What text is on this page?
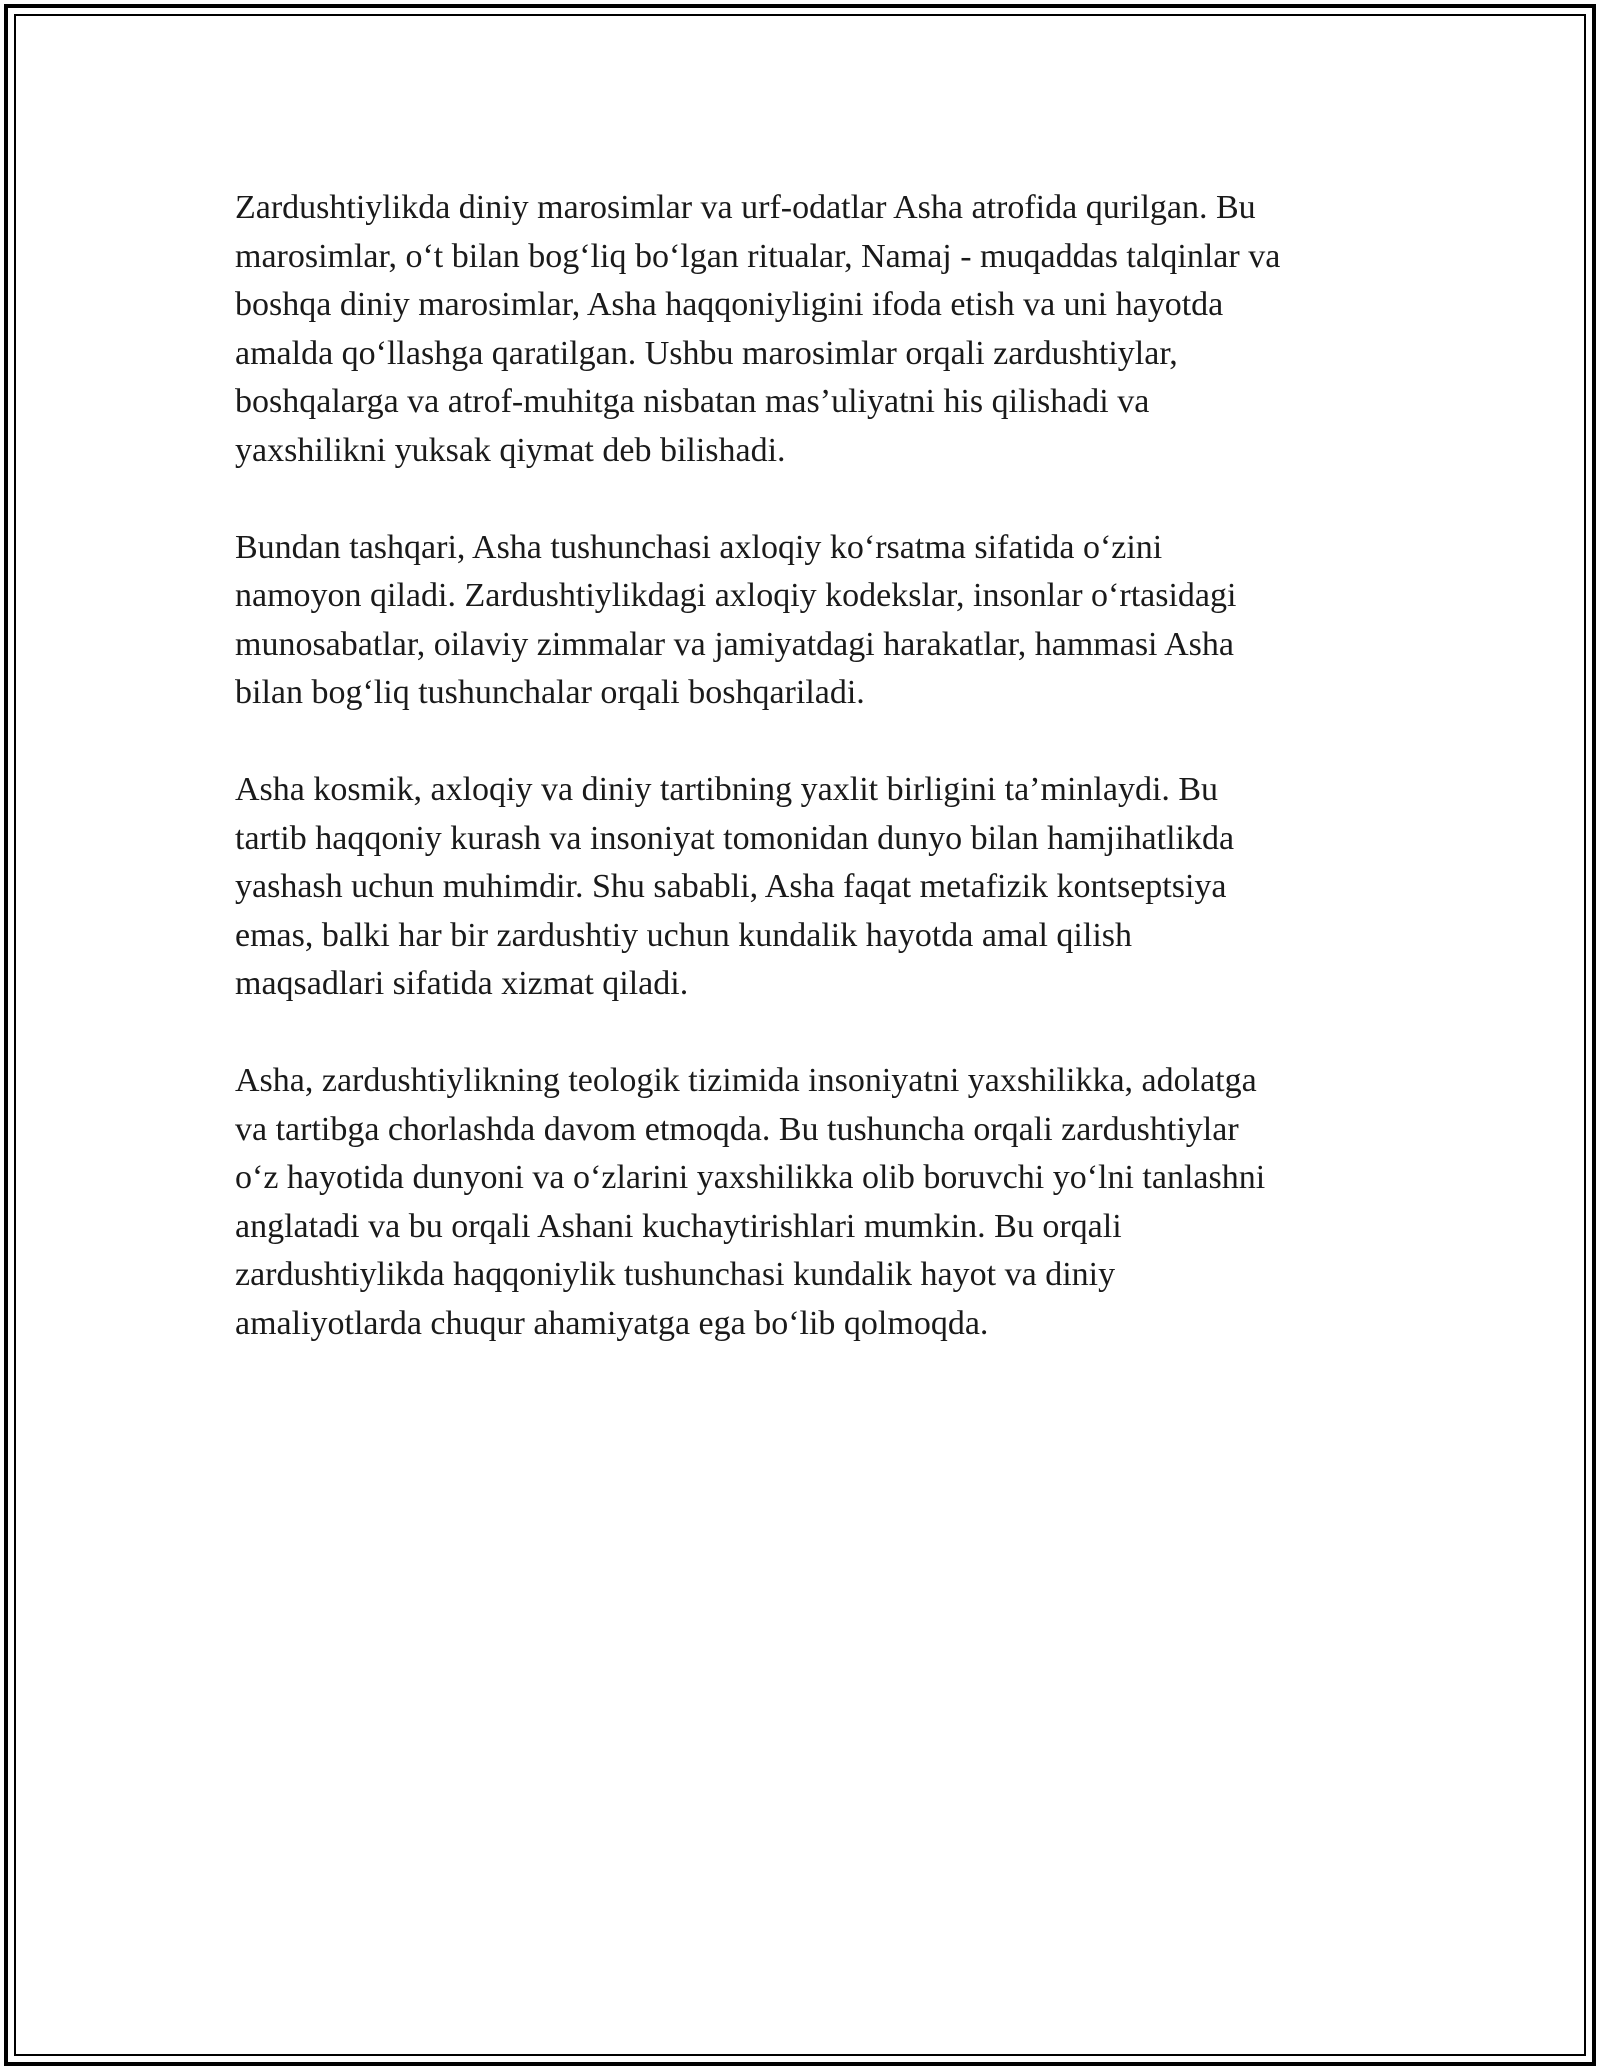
Zardushtiylikda diniy marosimlar va urf-odatlar Asha atrofida qurilgan. Bu
marosimlar, o‘t bilan bog‘liq bo‘lgan ritualar, Namaj - muqaddas talqinlar va
boshqa diniy marosimlar, Asha haqqoniyligini ifoda etish va uni hayotda
amalda qo‘llashga qaratilgan. Ushbu marosimlar orqali zardushtiylar,
boshqalarga va atrof-muhitga nisbatan mas’uliyatni his qilishadi va
yaxshilikni yuksak qiymat deb bilishadi.

Bundan tashqari, Asha tushunchasi axloqiy ko‘rsatma sifatida o‘zini
namoyon qiladi. Zardushtiylikdagi axloqiy kodekslar, insonlar o‘rtasidagi
munosabatlar, oilaviy zimmalar va jamiyatdagi harakatlar, hammasi Asha
bilan bog‘liq tushunchalar orqali boshqariladi.

Asha kosmik, axloqiy va diniy tartibning yaxlit birligini ta’minlaydi. Bu
tartib haqqoniy kurash va insoniyat tomonidan dunyo bilan hamjihatlikda
yashash uchun muhimdir. Shu sababli, Asha faqat metafizik kontseptsiya
emas, balki har bir zardushtiy uchun kundalik hayotda amal qilish
maqsadlari sifatida xizmat qiladi.

Asha, zardushtiylikning teologik tizimida insoniyatni yaxshilikka, adolatga
va tartibga chorlashda davom etmoqda. Bu tushuncha orqali zardushtiylar
o‘z hayotida dunyoni va o‘zlarini yaxshilikka olib boruvchi yo‘lni tanlashni
anglatadi va bu orqali Ashani kuchaytirishlari mumkin. Bu orqali
zardushtiylikda haqqoniylik tushunchasi kundalik hayot va diniy
amaliyotlarda chuqur ahamiyatga ega bo‘lib qolmoqda.
